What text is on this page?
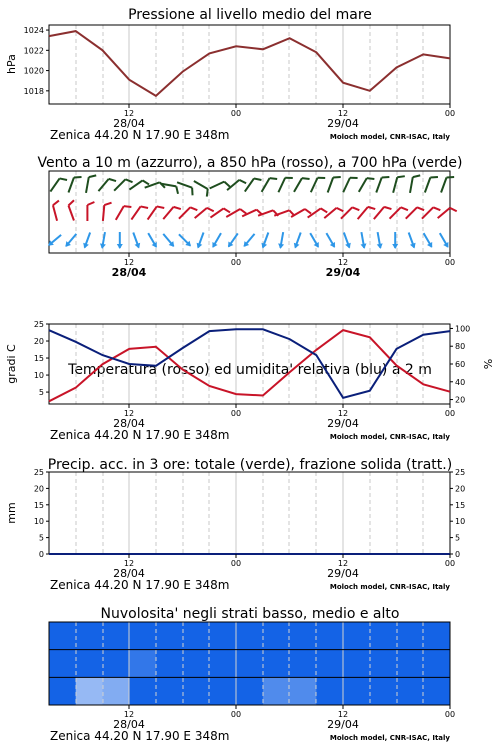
Pressione al livello medio del mare
1018
1020
1022
1024
hPa
12	00	12	00
28/04	29/04
Zenica 44.20 N 17.90 E 348m	Moloch model, CNR-ISAC, Italy
Vento a 10 m (azzurro), a 850 hPa (rosso), a 700 hPa (verde)
12	00	12	00
28/04	29/04
Temperatura (rosso) ed umidita' relativa (blu) a 2 m
5
10
15
20
25
20
40
60
80
100
gradi C	%
12	00	12	00
28/04	29/04
Zenica 44.20 N 17.90 E 348m	Moloch model, CNR-ISAC, Italy
Precip. acc. in 3 ore: totale (verde), frazione solida (tratt.)
0
5
10
15
20
25
0
5
10
15
20
25
mm
12	00	12	00
28/04	29/04
Zenica 44.20 N 17.90 E 348m	Moloch model, CNR-ISAC, Italy
Nuvolosita' negli strati basso, medio e alto
12	00	12	00
28/04	29/04
Zenica 44.20 N 17.90 E 348m	Moloch model, CNR-ISAC, Italy
